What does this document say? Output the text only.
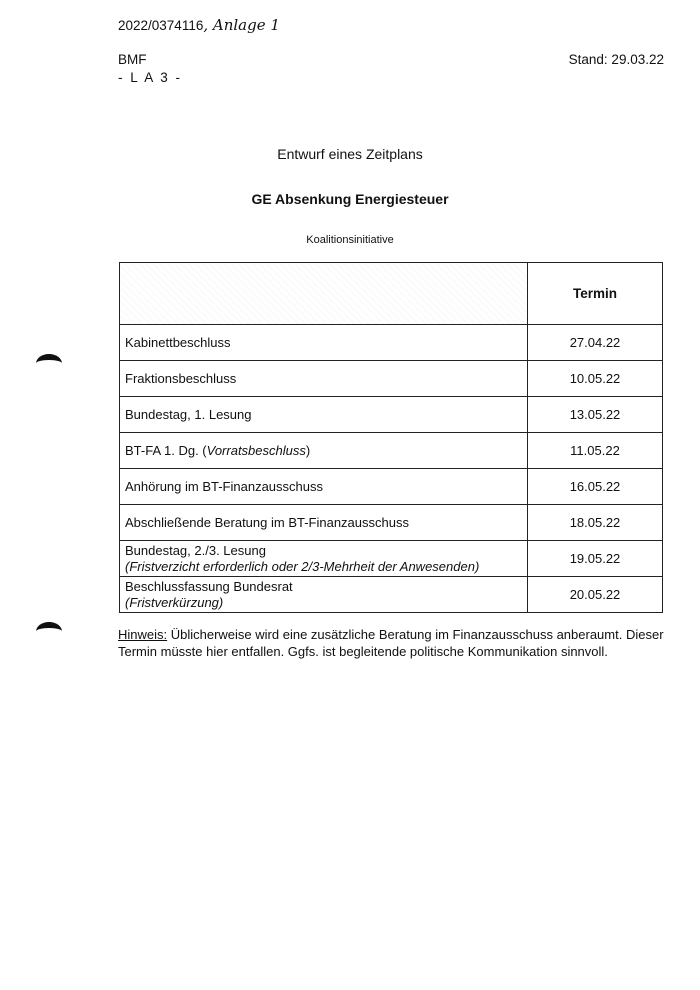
2022/0374116, Anlage 1
BMF
- L A 3 -
Stand: 29.03.22
Entwurf eines Zeitplans
GE Absenkung Energiesteuer
Koalitionsinitiative
	Termin
Kabinettbeschluss	27.04.22
Fraktionsbeschluss	10.05.22
Bundestag, 1. Lesung	13.05.22
BT-FA 1. Dg. (Vorratsbeschluss)	11.05.22
Anhörung im BT-Finanzausschuss	16.05.22
Abschließende Beratung im BT-Finanzausschuss	18.05.22

Bundestag, 2./3. Lesung
(Fristverzicht erforderlich oder 2/3-Mehrheit der Anwesenden)	19.05.22

Beschlussfassung Bundesrat
(Fristverkürzung)	20.05.22
Hinweis: Üblicherweise wird eine zusätzliche Beratung im Finanzausschuss anberaumt. Dieser Termin müsste hier entfallen. Ggfs. ist begleitende politische Kommunikation sinnvoll.
